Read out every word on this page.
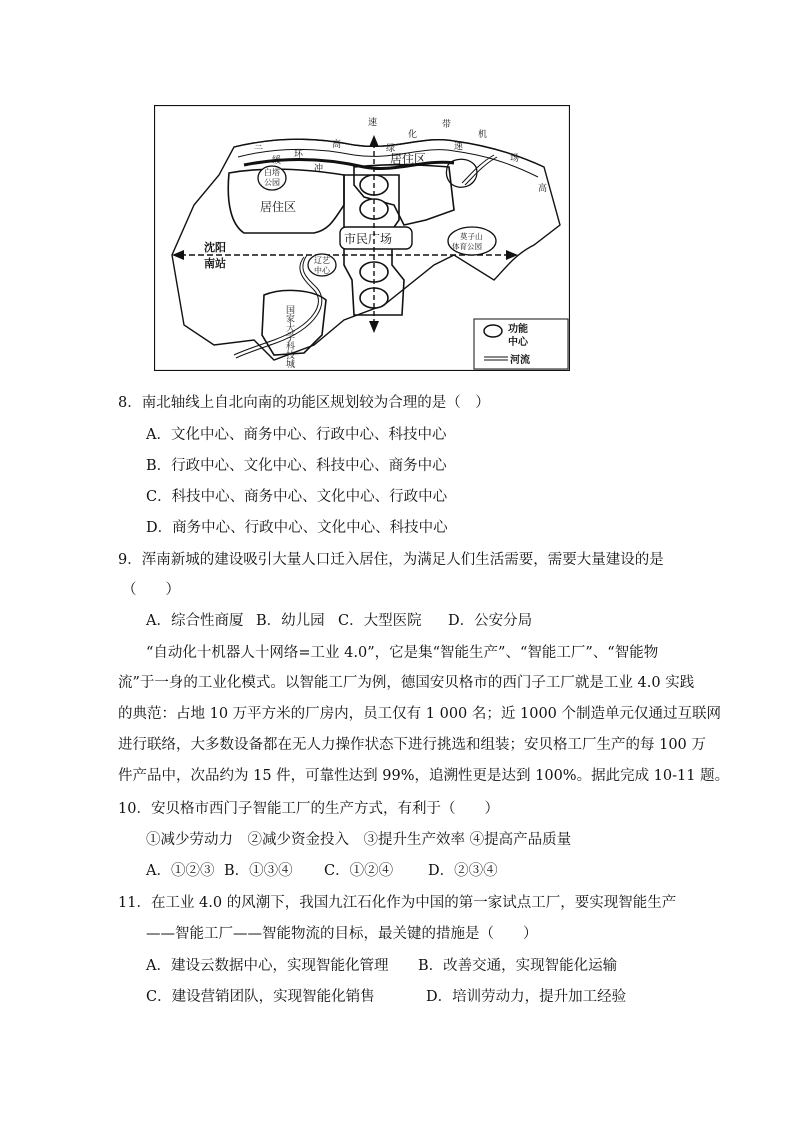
三
环
高
速
绿
化
带
机
场
高
速
缓
冲
居住区
居住区
白塔
公园
市民广场
沈阳
南站	辽艺
中心
莫子山
体育公园
国家大学科技城	功能
中心
河流
8．南北轴线上自北向南的功能区规划较为合理的是（　）
A．文化中心、商务中心、行政中心、科技中心
B．行政中心、文化中心、科技中心、商务中心
C．科技中心、商务中心、文化中心、行政中心
D．商务中心、行政中心、文化中心、科技中心
9．浑南新城的建设吸引大量人口迁入居住，为满足人们生活需要，需要大量建设的是
（　　）
A．综合性商厦 B．幼儿园 C．大型医院 D．公安分局
“自动化十机器人十网络=工业 4.0”，它是集“智能生产”、“智能工厂”、“智能物
流”于一身的工业化模式。以智能工厂为例，德国安贝格市的西门子工厂就是工业 4.0 实践
的典范：占地 10 万平方米的厂房内，员工仅有 1 000 名；近 1000 个制造单元仅通过互联网
进行联络，大多数设备都在无人力操作状态下进行挑选和组装；安贝格工厂生产的每 100 万
件产品中，次品约为 15 件，可靠性达到 99%，追溯性更是达到 100%。据此完成 10-11 题。
10．安贝格市西门子智能工厂的生产方式，有利于（　　）
①减少劳动力　②减少资金投入　③提升生产效率 ④提高产品质量
A．①②③ B．①③④ C．①②④ D．②③④
11．在工业 4.0 的风潮下，我国九江石化作为中国的第一家试点工厂，要实现智能生产
——智能工厂——智能物流的目标，最关键的措施是（　　）
A．建设云数据中心，实现智能化管理 B．改善交通，实现智能化运输
C．建设营销团队，实现智能化销售	D．培训劳动力，提升加工经验
